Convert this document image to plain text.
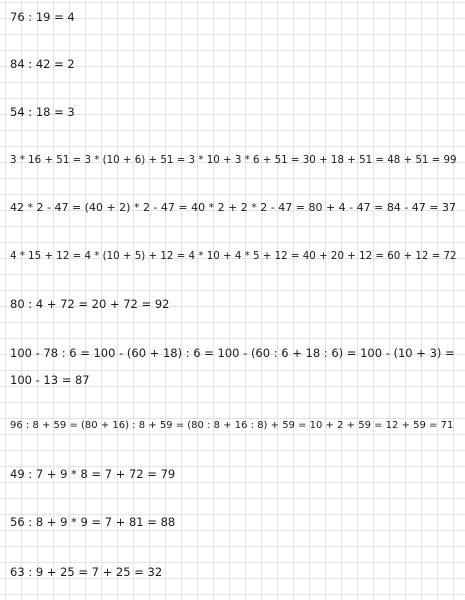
76 : 19 = 4
84 : 42 = 2
54 : 18 = 3
3 * 16 + 51 = 3 * (10 + 6) + 51 = 3 * 10 + 3 * 6 + 51 = 30 + 18 + 51 = 48 + 51 = 99
42 * 2 - 47 = (40 + 2) * 2 - 47 = 40 * 2 + 2 * 2 - 47 = 80 + 4 - 47 = 84 - 47 = 37
4 * 15 + 12 = 4 * (10 + 5) + 12 = 4 * 10 + 4 * 5 + 12 = 40 + 20 + 12 = 60 + 12 = 72
80 : 4 + 72 = 20 + 72 = 92
100 - 78 : 6 = 100 - (60 + 18) : 6 = 100 - (60 : 6 + 18 : 6) = 100 - (10 + 3) = 100 - 13 = 87
96 : 8 + 59 = (80 + 16) : 8 + 59 = (80 : 8 + 16 : 8) + 59 = 10 + 2 + 59 = 12 + 59 = 71
49 : 7 + 9 * 8 = 7 + 72 = 79
56 : 8 + 9 * 9 = 7 + 81 = 88
63 : 9 + 25 = 7 + 25 = 32
